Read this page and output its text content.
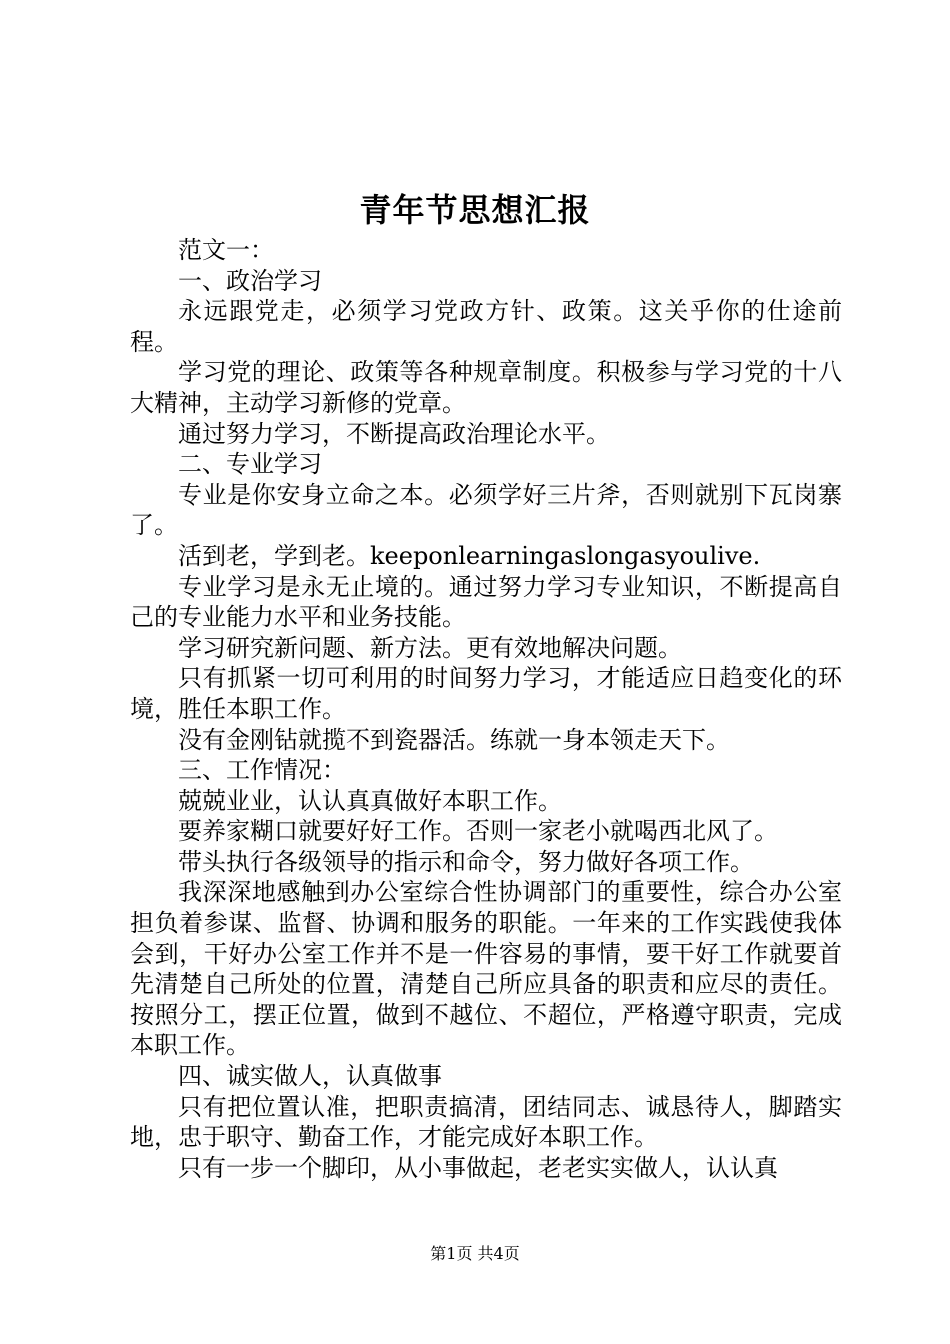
青年节思想汇报

范文一：

一、政治学习

永远跟党走，必须学习党政方针、政策。这关乎你的仕途前程。

学习党的理论、政策等各种规章制度。积极参与学习党的十八大精神，主动学习新修的党章。

通过努力学习，不断提高政治理论水平。

二、专业学习

专业是你安身立命之本。必须学好三片斧，否则就别下瓦岗寨了。

活到老，学到老。keeponlearningaslongasyoulive.

专业学习是永无止境的。通过努力学习专业知识，不断提高自己的专业能力水平和业务技能。

学习研究新问题、新方法。更有效地解决问题。

只有抓紧一切可利用的时间努力学习，才能适应日趋变化的环境，胜任本职工作。

没有金刚钻就揽不到瓷器活。练就一身本领走天下。

三、工作情况：

兢兢业业，认认真真做好本职工作。

要养家糊口就要好好工作。否则一家老小就喝西北风了。

带头执行各级领导的指示和命令，努力做好各项工作。

我深深地感触到办公室综合性协调部门的重要性，综合办公室担负着参谋、监督、协调和服务的职能。一年来的工作实践使我体会到，干好办公室工作并不是一件容易的事情，要干好工作就要首先清楚自己所处的位置，清楚自己所应具备的职责和应尽的责任。按照分工，摆正位置，做到不越位、不超位，严格遵守职责，完成本职工作。

四、诚实做人，认真做事

只有把位置认准，把职责搞清，团结同志、诚恳待人，脚踏实地，忠于职守、勤奋工作，才能完成好本职工作。

只有一步一个脚印，从小事做起，老老实实做人，认认真

第1页 共4页
